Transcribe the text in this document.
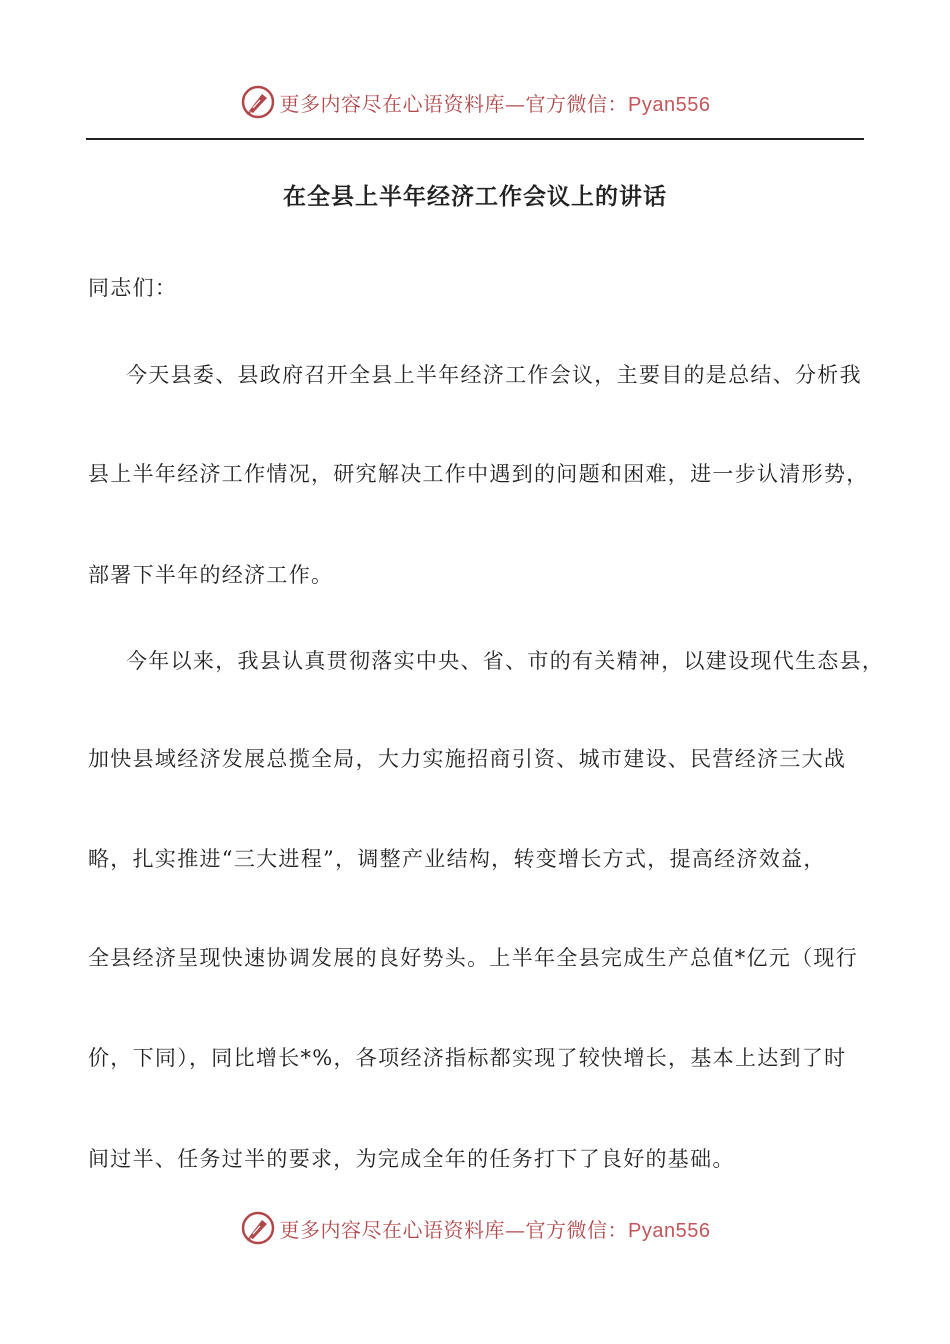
更多内容尽在心语资料库—官方微信：Pyan556
在全县上半年经济工作会议上的讲话
同志们：
今天县委、县政府召开全县上半年经济工作会议，主要目的是总结、分析我
县上半年经济工作情况，研究解决工作中遇到的问题和困难，进一步认清形势，
部署下半年的经济工作。
今年以来，我县认真贯彻落实中央、省、市的有关精神，以建设现代生态县，
加快县域经济发展总揽全局，大力实施招商引资、城市建设、民营经济三大战
略，扎实推进“三大进程”，调整产业结构，转变增长方式，提高经济效益，
全县经济呈现快速协调发展的良好势头。上半年全县完成生产总值*亿元（现行
价，下同），同比增长*%，各项经济指标都实现了较快增长，基本上达到了时
间过半、任务过半的要求，为完成全年的任务打下了良好的基础。
更多内容尽在心语资料库—官方微信：Pyan556
